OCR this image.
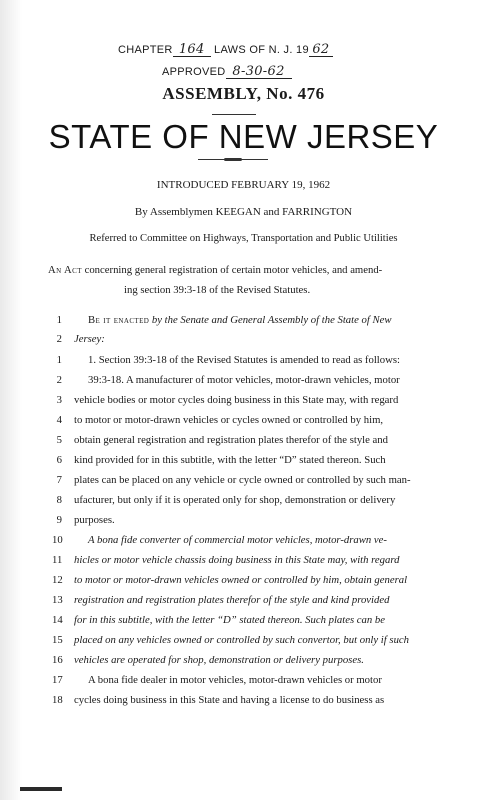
CHAPTER 164 LAWS OF N. J. 19 62
APPROVED 8-30-62
ASSEMBLY, No. 476
STATE OF NEW JERSEY
INTRODUCED FEBRUARY 19, 1962
By Assemblymen KEEGAN and FARRINGTON
Referred to Committee on Highways, Transportation and Public Utilities
An Act concerning general registration of certain motor vehicles, and amend-
ing section 39:3-18 of the Revised Statutes.
1 Be it enacted by the Senate and General Assembly of the State of New
2 Jersey:
1 1. Section 39:3-18 of the Revised Statutes is amended to read as follows:
2 39:3-18. A manufacturer of motor vehicles, motor-drawn vehicles, motor
3 vehicle bodies or motor cycles doing business in this State may, with regard
4 to motor or motor-drawn vehicles or cycles owned or controlled by him,
5 obtain general registration and registration plates therefor of the style and
6 kind provided for in this subtitle, with the letter “D” stated thereon. Such
7 plates can be placed on any vehicle or cycle owned or controlled by such man-
8 ufacturer, but only if it is operated only for shop, demonstration or delivery
9 purposes.
10 A bona fide converter of commercial motor vehicles, motor-drawn ve-
11 hicles or motor vehicle chassis doing business in this State may, with regard
12 to motor or motor-drawn vehicles owned or controlled by him, obtain general
13 registration and registration plates therefor of the style and kind provided
14 for in this subtitle, with the letter “D” stated thereon. Such plates can be
15 placed on any vehicles owned or controlled by such convertor, but only if such
16 vehicles are operated for shop, demonstration or delivery purposes.
17 A bona fide dealer in motor vehicles, motor-drawn vehicles or motor
18 cycles doing business in this State and having a license to do business as
